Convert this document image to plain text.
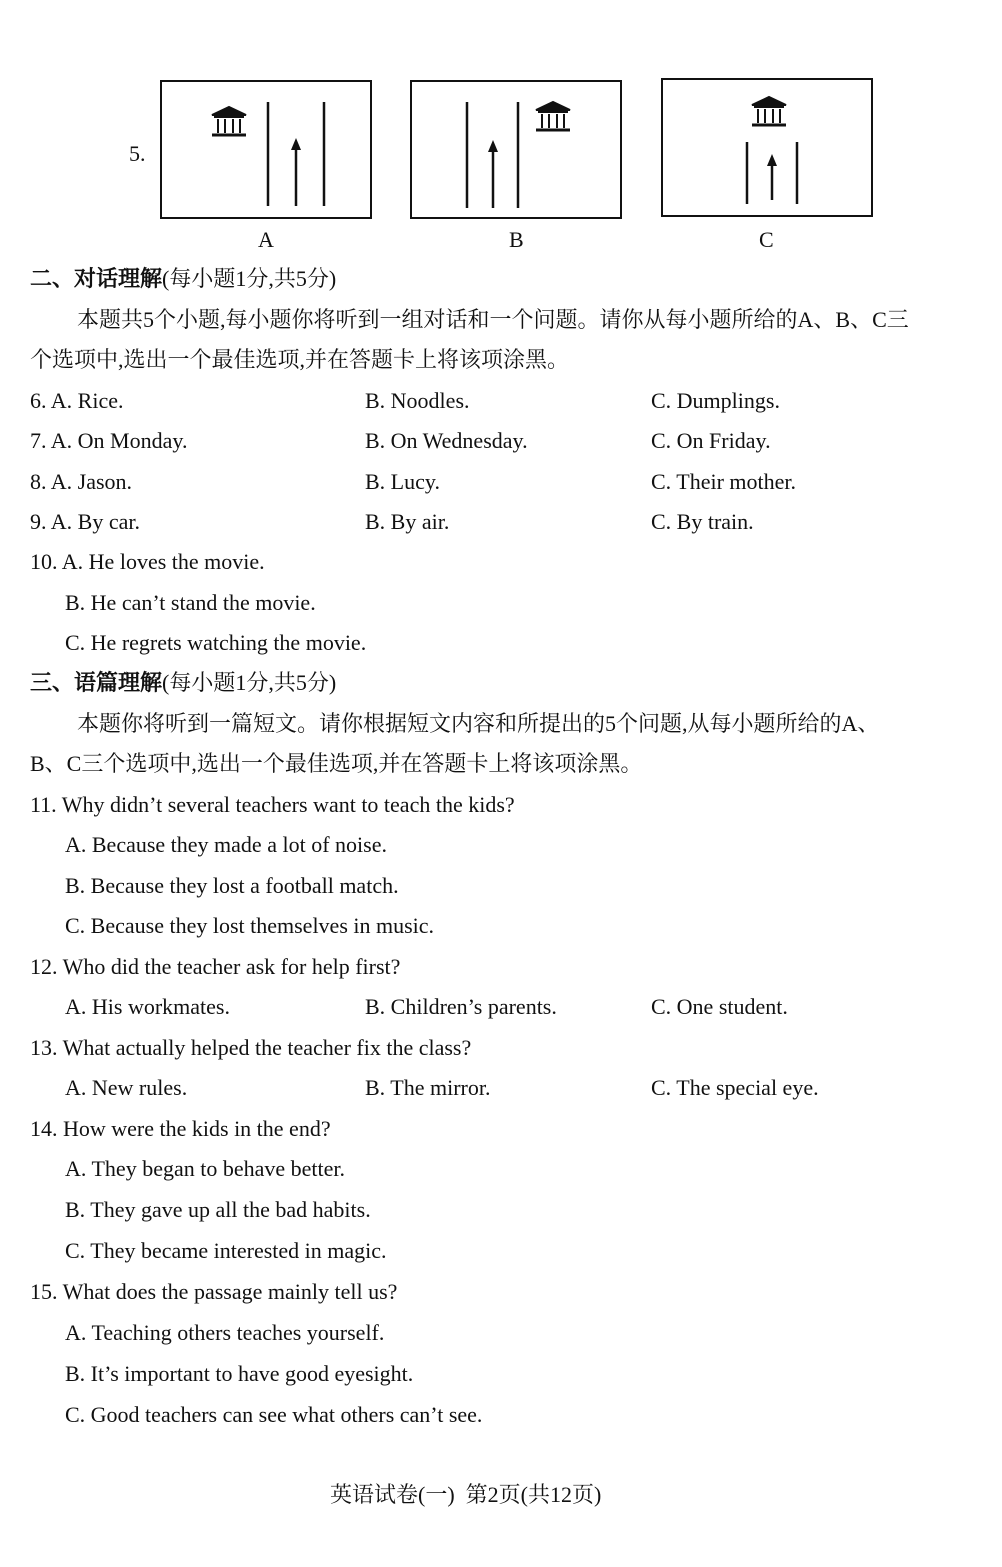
5.
A	B	C
二、对话理解(每小题1分,共5分)
本题共5个小题,每小题你将听到一组对话和一个问题。请你从每小题所给的A、B、C三
个选项中,选出一个最佳选项,并在答题卡上将该项涂黑。
6. A. Rice.	B. Noodles.	C. Dumplings.
7. A. On Monday.	B. On Wednesday.	C. On Friday.
8. A. Jason.	B. Lucy.	C. Their mother.
9. A. By car.	B. By air.	C. By train.
10. A. He loves the movie.
B. He can’t stand the movie.
C. He regrets watching the movie.
三、语篇理解(每小题1分,共5分)
本题你将听到一篇短文。请你根据短文内容和所提出的5个问题,从每小题所给的A、
B、C三个选项中,选出一个最佳选项,并在答题卡上将该项涂黑。
11. Why didn’t several teachers want to teach the kids?
A. Because they made a lot of noise.
B. Because they lost a football match.
C. Because they lost themselves in music.
12. Who did the teacher ask for help first?
A. His workmates.	B. Children’s parents.	C. One student.
13. What actually helped the teacher fix the class?
A. New rules.	B. The mirror.	C. The special eye.
14. How were the kids in the end?
A. They began to behave better.
B. They gave up all the bad habits.
C. They became interested in magic.
15. What does the passage mainly tell us?
A. Teaching others teaches yourself.
B. It’s important to have good eyesight.
C. Good teachers can see what others can’t see.
英语试卷(一)  第2页(共12页)
